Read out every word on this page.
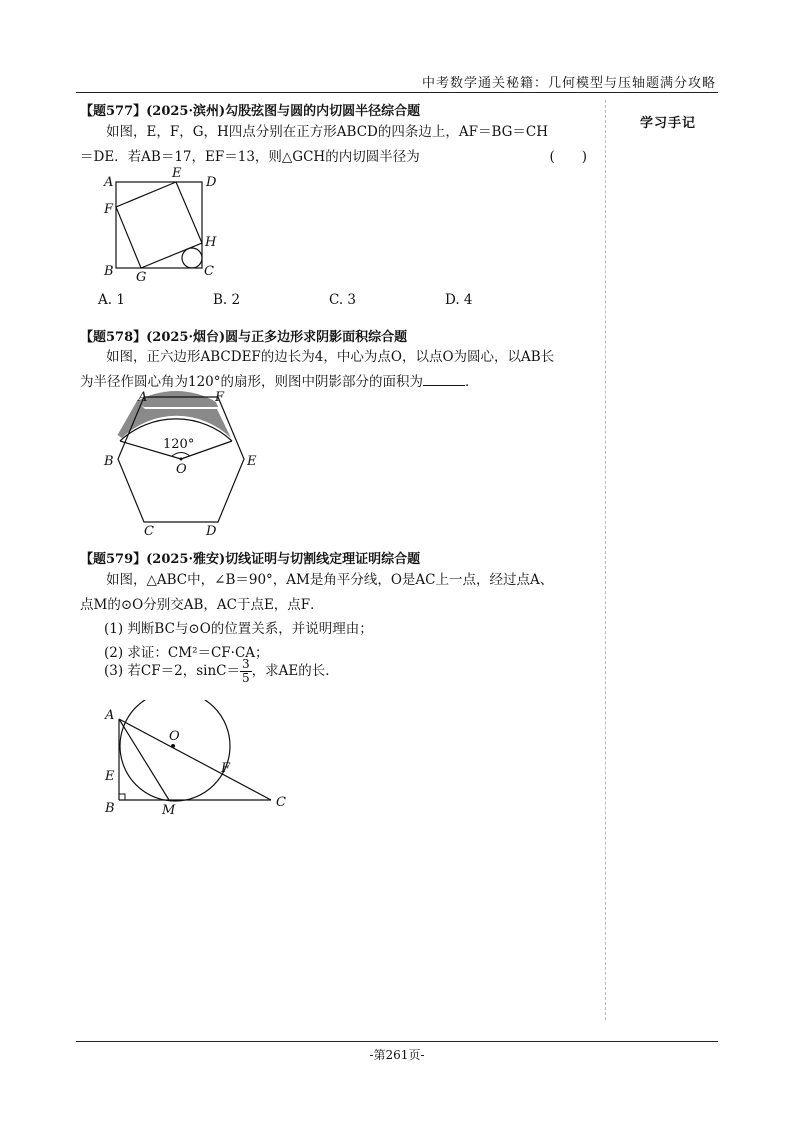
中考数学通关秘籍：几何模型与压轴题满分攻略
学习手记
【题577】(2025·滨州)勾股弦图与圆的内切圆半径综合题
如图，E，F，G，H四点分别在正方形ABCD的四条边上，AF＝BG＝CH
＝DE．若AB＝17，EF＝13，则△GCH的内切圆半径为	(　　)
A
E
D
F
H
B G	C
A. 1	B. 2	C. 3	D. 4
【题578】(2025·烟台)圆与正多边形求阴影面积综合题
如图，正六边形ABCDEF的边长为4，中心为点O，以点O为圆心，以AB长
为半径作圆心角为120°的扇形，则图中阴影部分的面积为	．
A	F
B	E
C	D
O
120°
【题579】(2025·雅安)切线证明与切割线定理证明综合题
如图，△ABC中，∠B＝90°，AM是角平分线，O是AC上一点，经过点A、
点M的⊙O分别交AB，AC于点E，点F．
(1) 判断BC与⊙O的位置关系，并说明理由；
(2) 求证：CM²＝CF·CA；
(3) 若CF＝2，$\sin C= \frac{3}{5}$ ，求AE的长．
A
O
E
F
B	M
C
-第261页-
